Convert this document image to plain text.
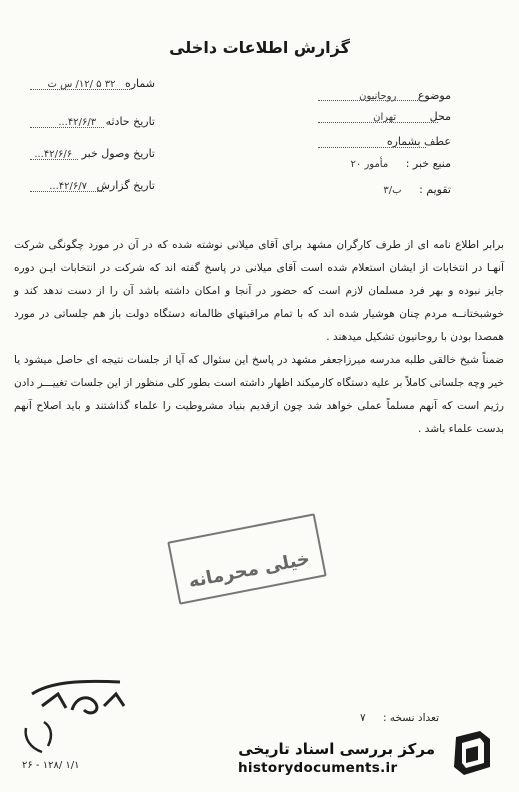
گزارش اطلاعات داخلی
موضوع روحانیون
محل تهران
عطف بشماره
منبع خبر : مأمور ۲۰
تقویم : ب/۳
شماره ۳۲ ۵ /۱۲/ س ت
تاریخ حادثه ۴۲/۶/۳...
تاریخ وصول خبر ۴۲/۶/۶...
تاریخ گزارش ۴۲/۶/۷...

برابر اطلاع نامه ای از طرف کارگران مشهد برای آقای میلانی نوشته شده که در آن در مورد چگونگی شرکت آنهـا در انتخابات از ایشان استعلام شده است آقای میلانی در پاسخ گفته اند که شرکت در انتخابات ایـن دوره جایز نبوده و بهر فرد مسلمان لازم است که حضور در آنجا و امکان داشته باشد آن را از دست ندهد کند و خوشبختانــه مردم چنان هوشیار شده اند که با تمام مراقبتهای ظالمانه دستگاه دولت باز هم جلساتی در مورد همصدا بودن با روحانیون تشکیل میدهند .

ضمناً شیخ خالقی طلبه مدرسه میرزاجعفر مشهد در پاسخ این سئوال که آیا از جلسات نتیجه ای حاصل میشود یا خیر وچه جلساتی کاملاً بر علیه دستگاه کارمیکند اظهار داشته است بطور کلی منظور از این جلسات تغییـــر دادن رژیم است که آنهم مسلماً عملی خواهد شد چون ازقدیم بنیاد مشروطیت را علماء گذاشتند و باید اصلاح آنهم بدست علماء باشد .

خیلی محرمانه
تعداد نسخه : ۷
۲۶ - ۱۲۸/ ۱/۱
مرکز بررسی اسناد تاریخی
historydocuments.ir
